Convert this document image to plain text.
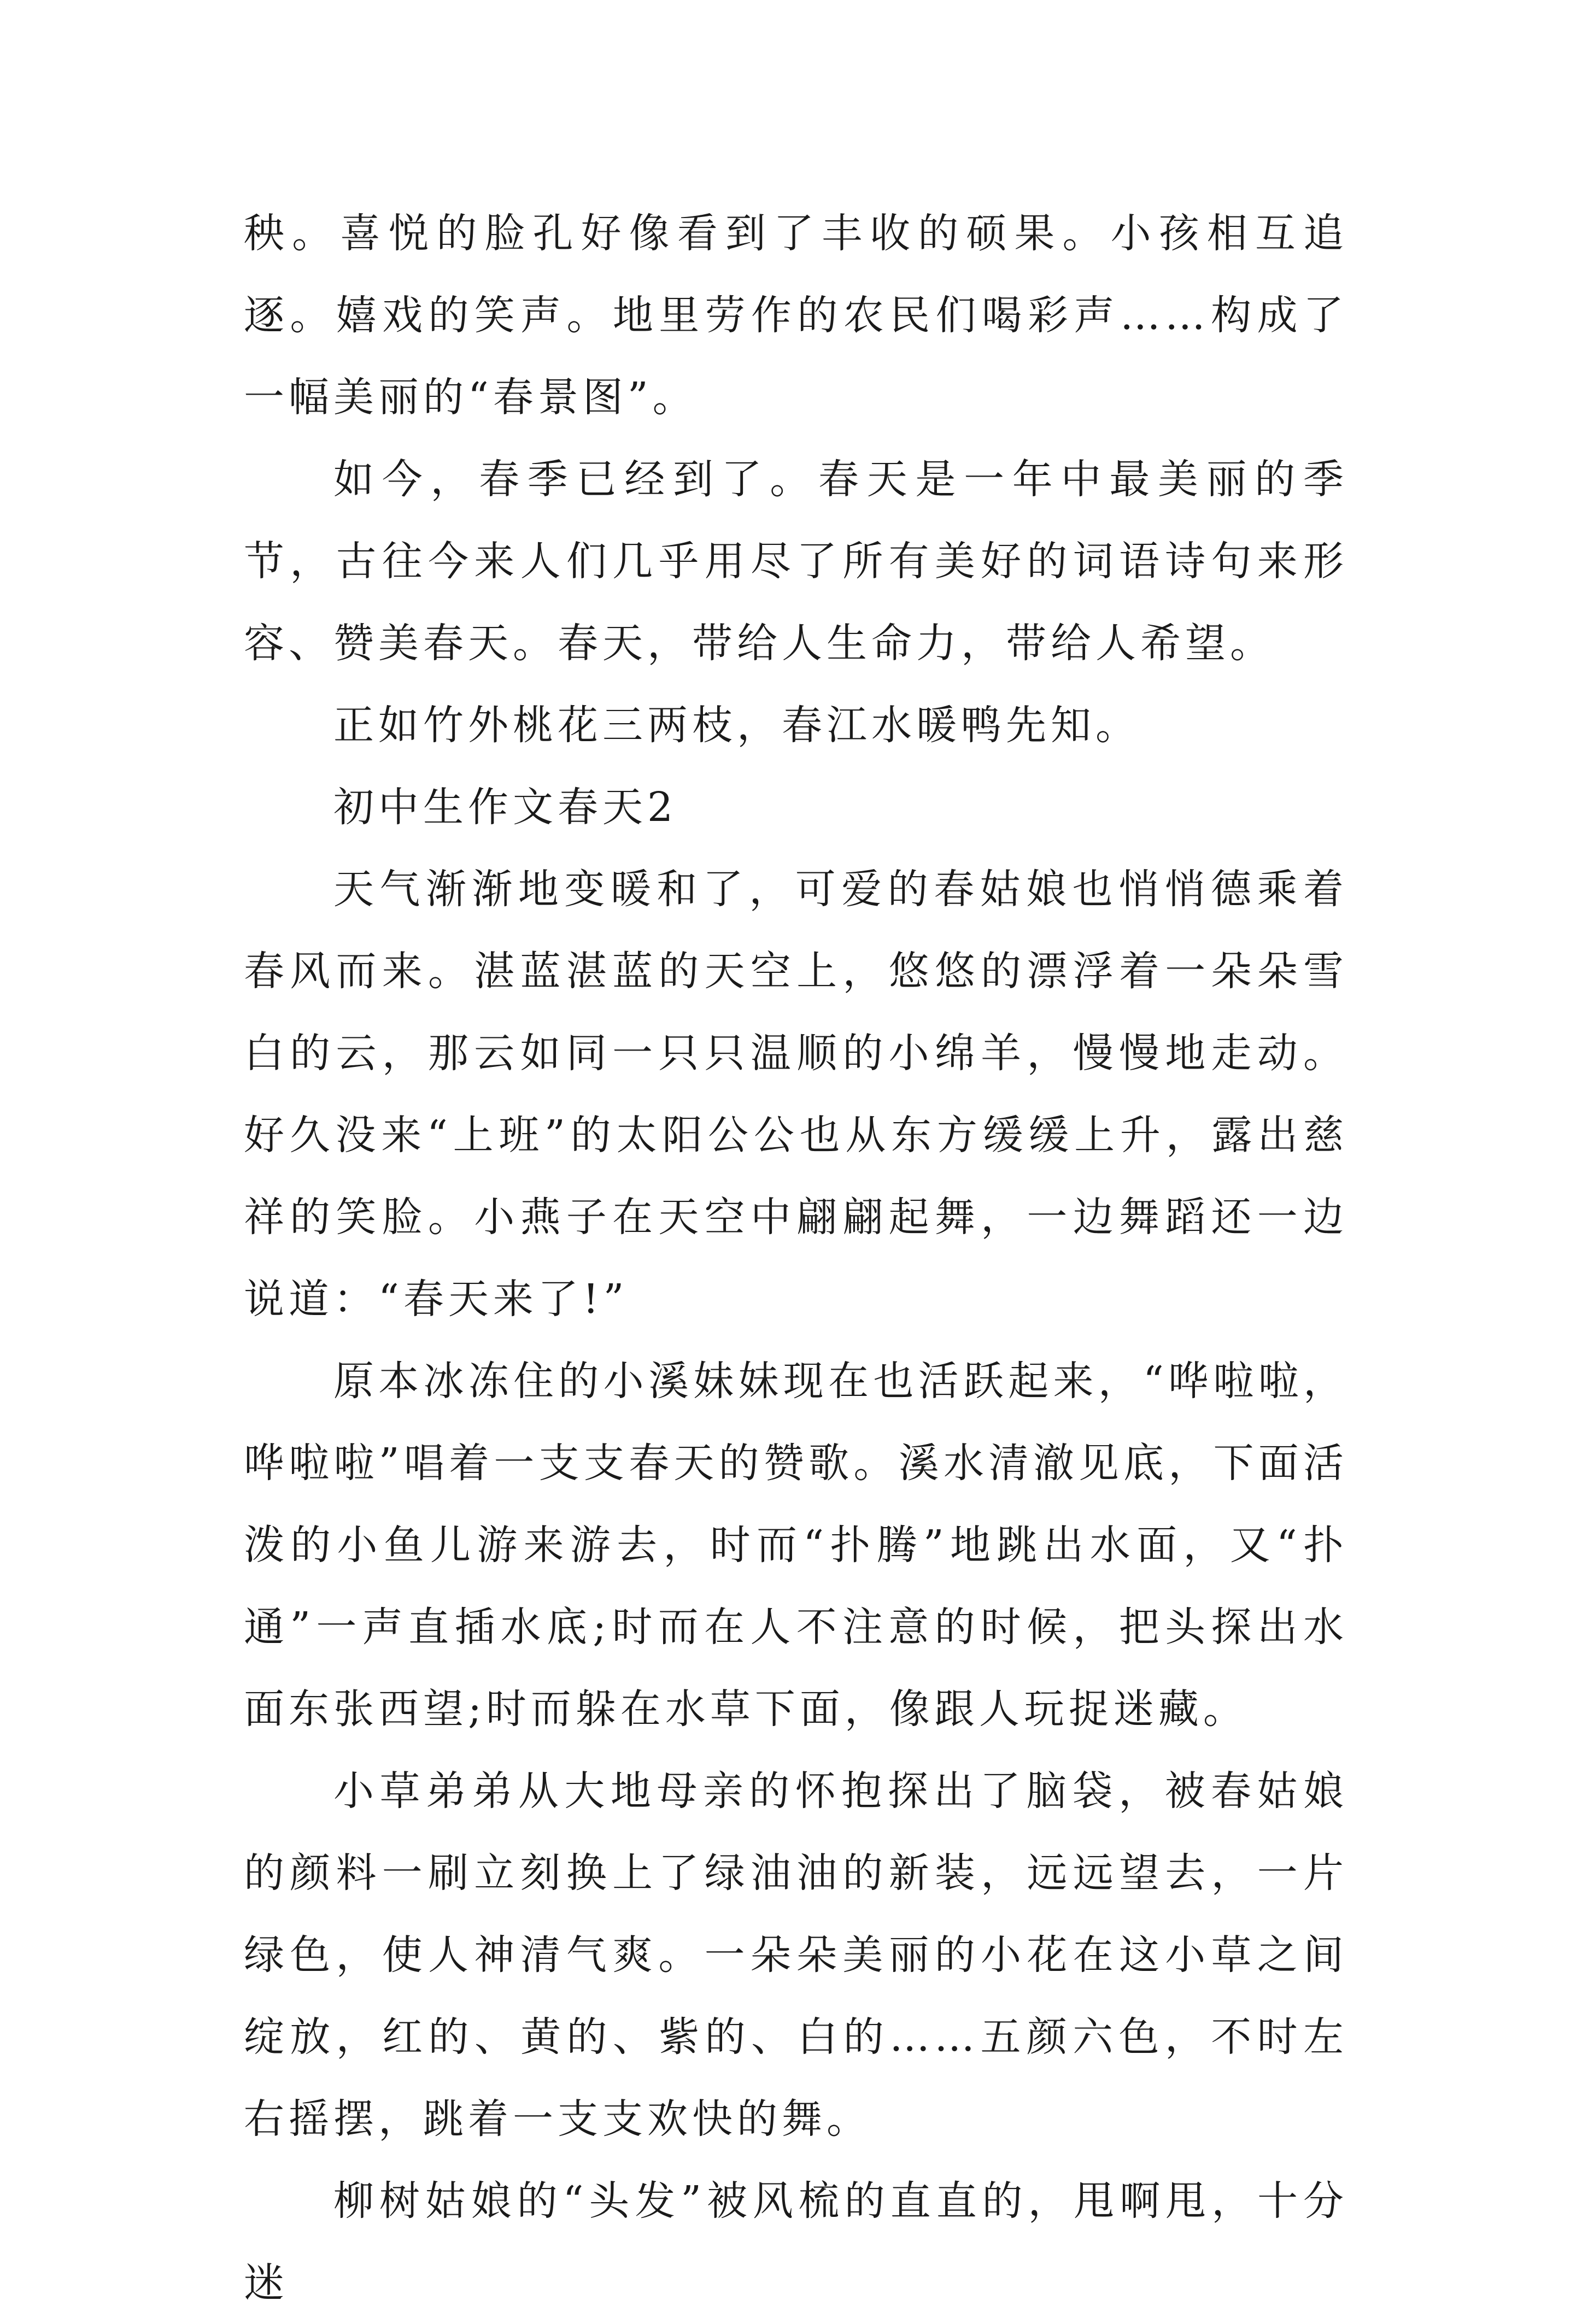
秧。喜悦的脸孔好像看到了丰收的硕果。小孩相互追逐。嬉戏的笑声。地里劳作的农民们喝彩声……构成了一幅美丽的“春景图”。

如今，春季已经到了。春天是一年中最美丽的季节，古往今来人们几乎用尽了所有美好的词语诗句来形容、赞美春天。春天，带给人生命力，带给人希望。

正如竹外桃花三两枝，春江水暖鸭先知。

初中生作文春天2

天气渐渐地变暖和了，可爱的春姑娘也悄悄德乘着春风而来。湛蓝湛蓝的天空上，悠悠的漂浮着一朵朵雪白的云，那云如同一只只温顺的小绵羊，慢慢地走动。好久没来“上班”的太阳公公也从东方缓缓上升，露出慈祥的笑脸。小燕子在天空中翩翩起舞，一边舞蹈还一边说道：“春天来了!”

原本冰冻住的小溪妹妹现在也活跃起来，“哗啦啦，哗啦啦”唱着一支支春天的赞歌。溪水清澈见底，下面活泼的小鱼儿游来游去，时而“扑腾”地跳出水面，又“扑通”一声直插水底;时而在人不注意的时候，把头探出水面东张西望;时而躲在水草下面，像跟人玩捉迷藏。

小草弟弟从大地母亲的怀抱探出了脑袋，被春姑娘的颜料一刷立刻换上了绿油油的新装，远远望去，一片绿色，使人神清气爽。一朵朵美丽的小花在这小草之间绽放，红的、黄的、紫的、白的……五颜六色，不时左右摇摆，跳着一支支欢快的舞。

柳树姑娘的“头发”被风梳的直直的，甩啊甩，十分迷
